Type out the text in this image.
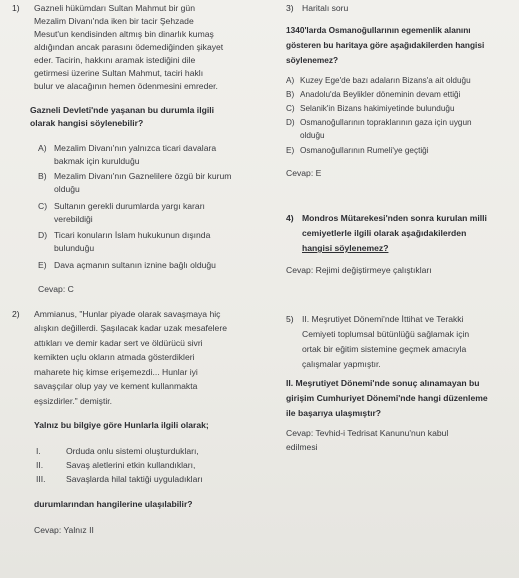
1) Gazneli hükümdarı Sultan Mahmut bir gün
Mezalim Divanı'nda iken bir tacir Şehzade
Mesut'un kendisinden altmış bin dinarlık kumaş
aldığından ancak parasını ödemediğinden şikayet
eder. Tacirin, hakkını aramak istediğini dile
getirmesi üzerine Sultan Mahmut, taciri haklı
bulur ve alacağının hemen ödenmesini emreder.
Gazneli Devleti'nde yaşanan bu durumla ilgili
olarak hangisi söylenebilir?
A) Mezalim Divanı'nın yalnızca ticari davalara
bakmak için kurulduğu
B) Mezalim Divanı'nın Gaznelilere özgü bir kurum
olduğu
C) Sultanın gerekli durumlarda yargı kararı
verebildiği
D) Ticari konuların İslam hukukunun dışında
bulunduğu
E) Dava açmanın sultanın iznine bağlı olduğu
Cevap: C
2) Ammianus, "Hunlar piyade olarak savaşmaya hiç
alışkın değillerdi. Şaşılacak kadar uzak mesafelere
attıkları ve demir kadar sert ve öldürücü sivri
kemikten uçlu okların atmada gösterdikleri
maharete hiç kimse erişemezdi... Hunlar iyi
savaşçılar olup yay ve kement kullanmakta
eşsizdirler." demiştir.
Yalnız bu bilgiye göre Hunlarla ilgili olarak;
I.	Orduda onlu sistemi oluşturdukları,
II.	Savaş aletlerini etkin kullandıkları,
III. Savaşlarda hilal taktiği uyguladıkları
durumlarından hangilerine ulaşılabilir?
Cevap: Yalnız II
3) Haritalı soru
1340'larda Osmanoğullarının egemenlik alanını
gösteren bu haritaya göre aşağıdakilerden hangisi
söylenemez?
A) Kuzey Ege'de bazı adaların Bizans'a ait olduğu
B) Anadolu'da Beylikler döneminin devam ettiği
C) Selanik'in Bizans hakimiyetinde bulunduğu
D) Osmanoğullarının topraklarının gaza için uygun
olduğu
E) Osmanoğullarının Rumeli'ye geçtiği
Cevap: E
4) Mondros Mütarekesi'nden sonra kurulan milli
cemiyetlerle ilgili olarak aşağıdakilerden
hangisi söylenemez?
Cevap: Rejimi değiştirmeye çalıştıkları
5) II. Meşrutiyet Dönemi'nde İttihat ve Terakki
Cemiyeti toplumsal bütünlüğü sağlamak için
ortak bir eğitim sistemine geçmek amacıyla
çalışmalar yapmıştır.
II. Meşrutiyet Dönemi'nde sonuç alınamayan bu
girişim Cumhuriyet Dönemi'nde hangi düzenleme
ile başarıya ulaşmıştır?
Cevap: Tevhid-i Tedrisat Kanunu'nun kabul
edilmesi
